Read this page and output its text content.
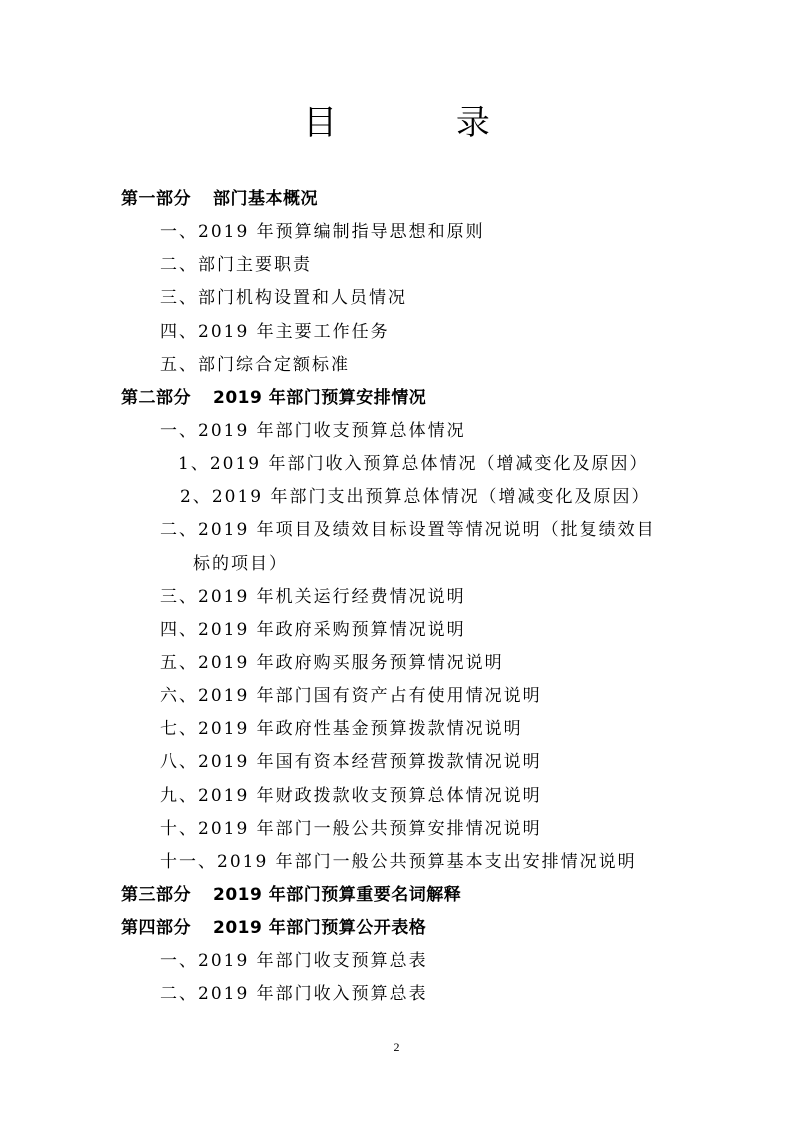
目 录
第一部分 部门基本概况
一、2019 年预算编制指导思想和原则
二、部门主要职责
三、部门机构设置和人员情况
四、2019 年主要工作任务
五、部门综合定额标准
第二部分 2019 年部门预算安排情况
一、2019 年部门收支预算总体情况
1、2019 年部门收入预算总体情况（增减变化及原因）
2、2019 年部门支出预算总体情况（增减变化及原因）
二、2019 年项目及绩效目标设置等情况说明（批复绩效目
标的项目）
三、2019 年机关运行经费情况说明
四、2019 年政府采购预算情况说明
五、2019 年政府购买服务预算情况说明
六、2019 年部门国有资产占有使用情况说明
七、2019 年政府性基金预算拨款情况说明
八、2019 年国有资本经营预算拨款情况说明
九、2019 年财政拨款收支预算总体情况说明
十、2019 年部门一般公共预算安排情况说明
十一、2019 年部门一般公共预算基本支出安排情况说明
第三部分 2019 年部门预算重要名词解释
第四部分 2019 年部门预算公开表格
一、2019 年部门收支预算总表
二、2019 年部门收入预算总表
2
